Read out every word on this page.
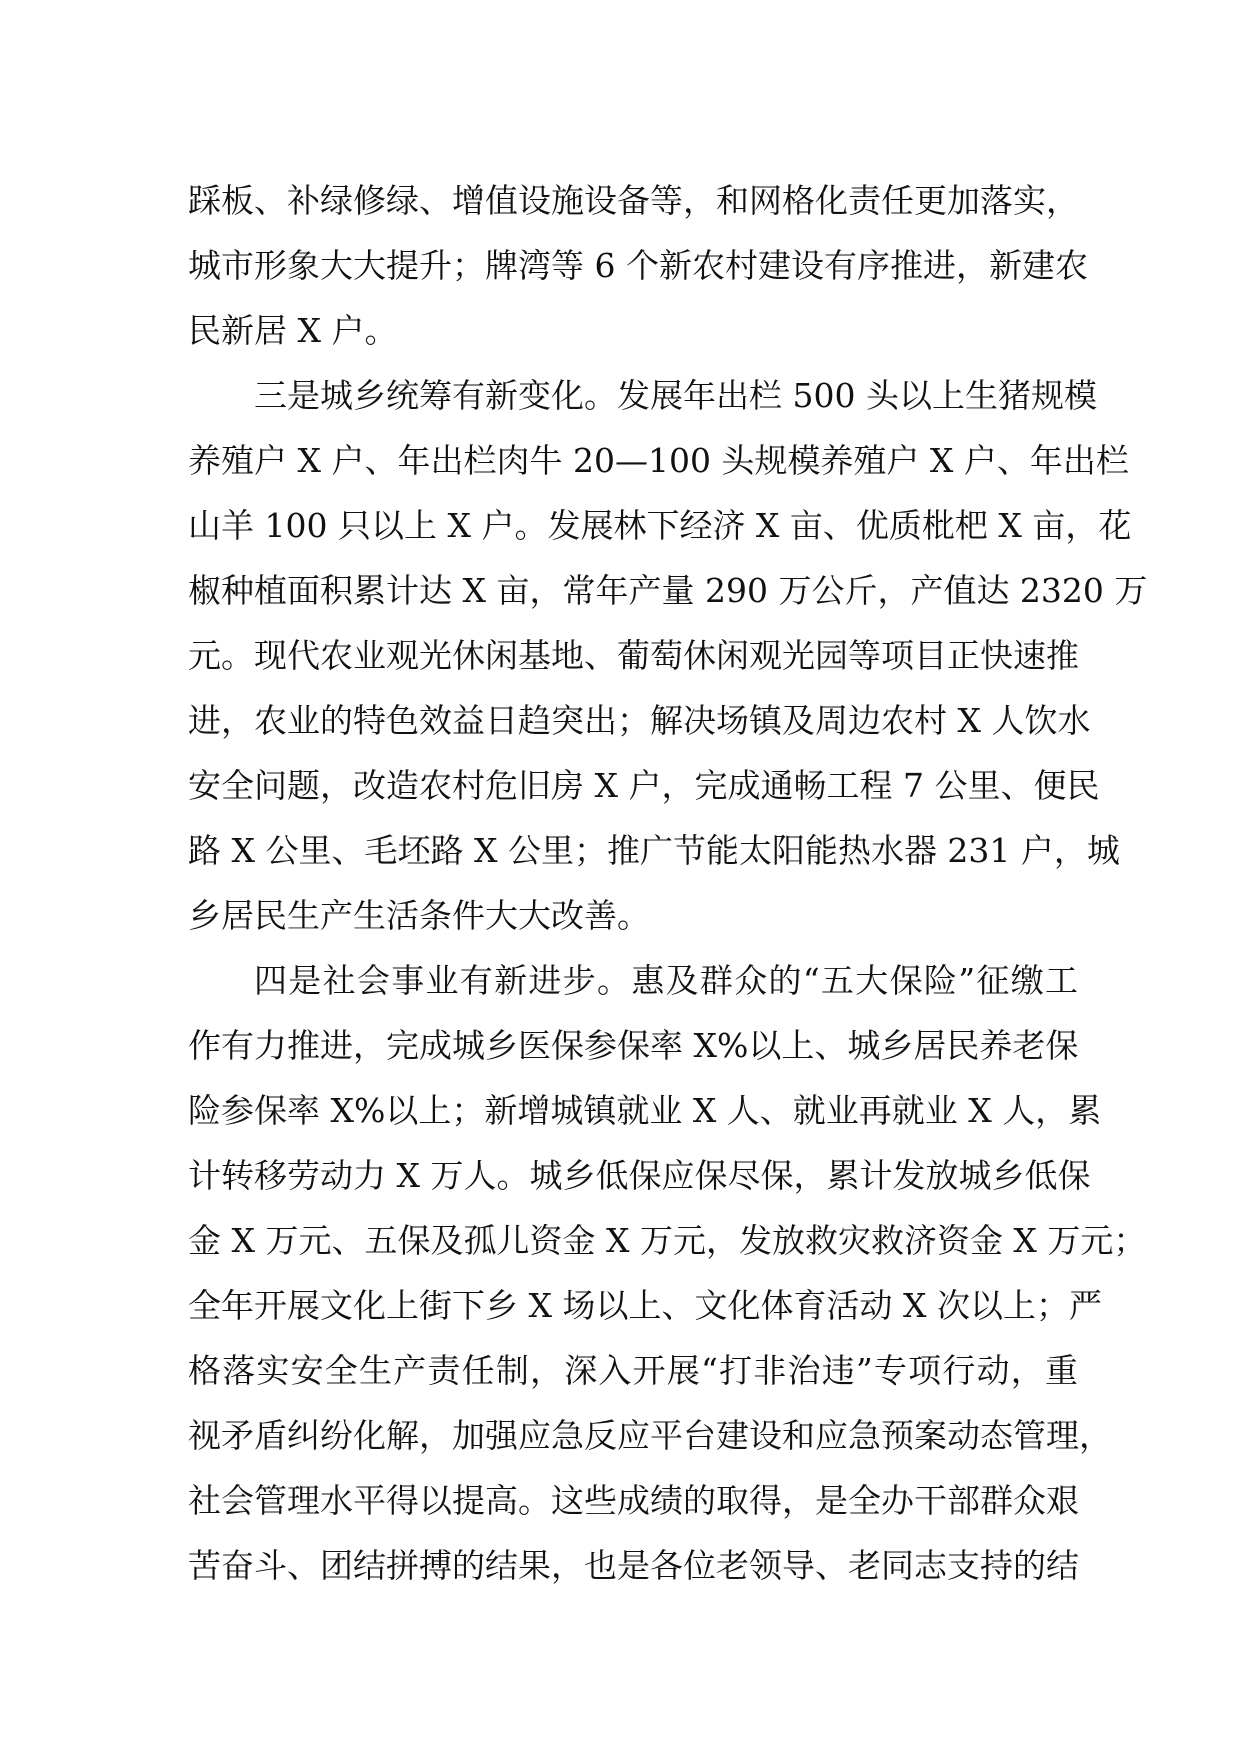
踩板、补绿修绿、增值设施设备等，和网格化责任更加落实，
城市形象大大提升；牌湾等 6 个新农村建设有序推进，新建农
民新居 X 户。
三是城乡统筹有新变化。发展年出栏 500 头以上生猪规模
养殖户 X 户、年出栏肉牛 20—100 头规模养殖户 X 户、年出栏
山羊 100 只以上 X 户。发展林下经济 X 亩、优质枇杷 X 亩，花
椒种植面积累计达 X 亩，常年产量 290 万公斤，产值达 2320 万
元。现代农业观光休闲基地、葡萄休闲观光园等项目正快速推
进，农业的特色效益日趋突出；解决场镇及周边农村 X 人饮水
安全问题，改造农村危旧房 X 户，完成通畅工程 7 公里、便民
路 X 公里、毛坯路 X 公里；推广节能太阳能热水器 231 户，城
乡居民生产生活条件大大改善。
四是社会事业有新进步。惠及群众的“五大保险”征缴工
作有力推进，完成城乡医保参保率 X%以上、城乡居民养老保
险参保率 X%以上；新增城镇就业 X 人、就业再就业 X 人，累
计转移劳动力 X 万人。城乡低保应保尽保，累计发放城乡低保
金 X 万元、五保及孤儿资金 X 万元，发放救灾救济资金 X 万元；
全年开展文化上街下乡 X 场以上、文化体育活动 X 次以上；严
格落实安全生产责任制，深入开展“打非治违”专项行动，重
视矛盾纠纷化解，加强应急反应平台建设和应急预案动态管理，
社会管理水平得以提高。这些成绩的取得，是全办干部群众艰
苦奋斗、团结拼搏的结果，也是各位老领导、老同志支持的结
